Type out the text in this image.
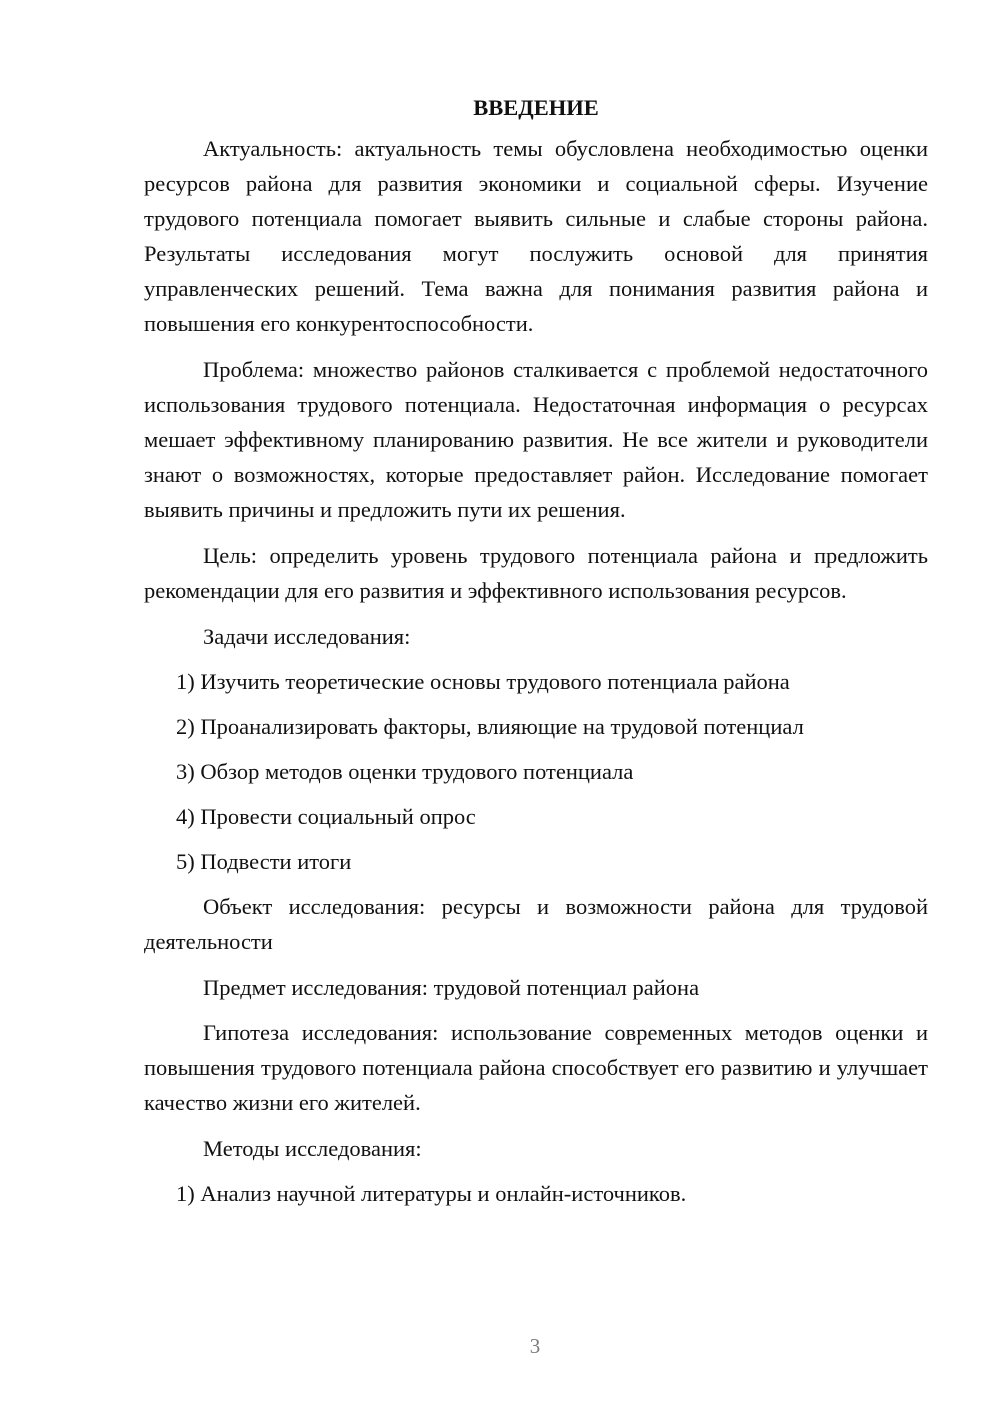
ВВЕДЕНИЕ

Актуальность: актуальность темы обусловлена необходимостью оценки ресурсов района для развития экономики и социальной сферы. Изучение трудового потенциала помогает выявить сильные и слабые стороны района. Результаты исследования могут послужить основой для принятия управленческих решений. Тема важна для понимания развития района и повышения его конкурентоспособности.

Проблема: множество районов сталкивается с проблемой недостаточного использования трудового потенциала. Недостаточная информация о ресурсах мешает эффективному планированию развития. Не все жители и руководители знают о возможностях, которые предоставляет район. Исследование помогает выявить причины и предложить пути их решения.

Цель: определить уровень трудового потенциала района и предложить рекомендации для его развития и эффективного использования ресурсов.

Задачи исследования:
1) Изучить теоретические основы трудового потенциала района
2) Проанализировать факторы, влияющие на трудовой потенциал
3) Обзор методов оценки трудового потенциала
4) Провести социальный опрос
5) Подвести итоги

Объект исследования: ресурсы и возможности района для трудовой деятельности

Предмет исследования: трудовой потенциал района

Гипотеза исследования: использование современных методов оценки и повышения трудового потенциала района способствует его развитию и улучшает качество жизни его жителей.

Методы исследования:
1) Анализ научной литературы и онлайн-источников.
3
